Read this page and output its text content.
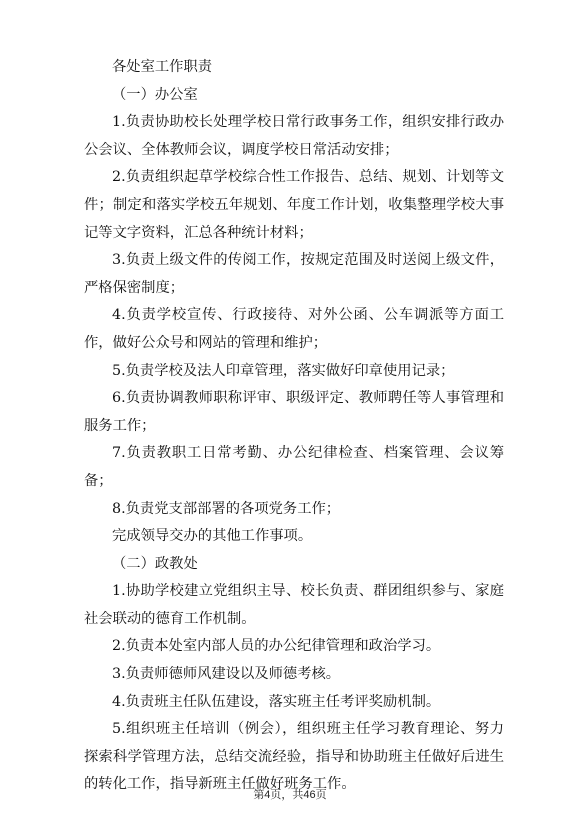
各处室工作职责

（一）办公室

1.负责协助校长处理学校日常行政事务工作，组织安排行政办公会议、全体教师会议，调度学校日常活动安排；

2.负责组织起草学校综合性工作报告、总结、规划、计划等文件；制定和落实学校五年规划、年度工作计划，收集整理学校大事记等文字资料，汇总各种统计材料；

3.负责上级文件的传阅工作，按规定范围及时送阅上级文件，严格保密制度；

4.负责学校宣传、行政接待、对外公函、公车调派等方面工作，做好公众号和网站的管理和维护；

5.负责学校及法人印章管理，落实做好印章使用记录；

6.负责协调教师职称评审、职级评定、教师聘任等人事管理和服务工作；

7.负责教职工日常考勤、办公纪律检查、档案管理、会议筹备；

8.负责党支部部署的各项党务工作；

完成领导交办的其他工作事项。

（二）政教处

1.协助学校建立党组织主导、校长负责、群团组织参与、家庭社会联动的德育工作机制。

2.负责本处室内部人员的办公纪律管理和政治学习。

3.负责师德师风建设以及师德考核。

4.负责班主任队伍建设，落实班主任考评奖励机制。

5.组织班主任培训（例会），组织班主任学习教育理论、努力探索科学管理方法，总结交流经验，指导和协助班主任做好后进生的转化工作，指导新班主任做好班务工作。

第4页，共46页
